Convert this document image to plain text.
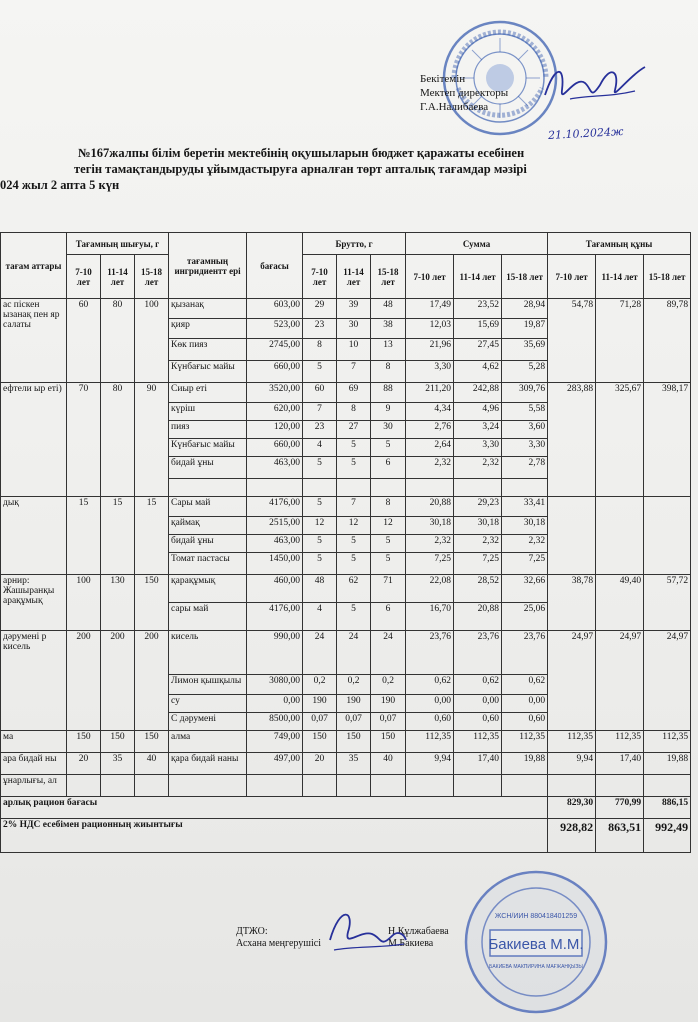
Бекітемін
Мектеп директоры
Г.А.Налибаева
21.10.2024ж
№167жалпы білім беретін мектебінің оқушыларын бюджет қаражаты есебінен
тегін тамақтандыруды ұйымдастыруға арналған төрт апталық тағамдар мәзірі
024 жыл 2 апта 5 күн
тағам аттары	Тағамның шығуы, г			тағамның ингридиентт ері	бағасы	Брутто, г			Сумма			Тағамның құны		
	7-10 лет	11-14 лет	15-18 лет			7-10 лет	11-14 лет	15-18 лет	7-10 лет	11-14 лет	15-18 лет	7-10 лет	11-14 лет	15-18 лет
ас піскен ызанақ пен яр салаты	60	80	100	қызанақ	603,00	29	39	48	17,49	23,52	28,94	54,78	71,28	89,78
				қияр	523,00	23	30	38	12,03	15,69	19,87			
				Көк пияз	2745,00	8	10	13	21,96	27,45	35,69			
				Күнбағыс майы	660,00	5	7	8	3,30	4,62	5,28			
ефтели ыр еті)	70	80	90	Сиыр еті	3520,00	60	69	88	211,20	242,88	309,76	283,88	325,67	398,17
				күріш	620,00	7	8	9	4,34	4,96	5,58			
				пияз	120,00	23	27	30	2,76	3,24	3,60			
				Күнбағыс майы	660,00	4	5	5	2,64	3,30	3,30			
				бидай ұны	463,00	5	5	6	2,32	2,32	2,78			

дық	15	15	15	Сары май	4176,00	5	7	8	20,88	29,23	33,41			
				қаймақ	2515,00	12	12	12	30,18	30,18	30,18			
				бидай ұны	463,00	5	5	5	2,32	2,32	2,32			
				Томат пастасы	1450,00	5	5	5	7,25	7,25	7,25			
арнир: Жашыранқы арақұмық	100	130	150	қарақұмық	460,00	48	62	71	22,08	28,52	32,66	38,78	49,40	57,72
				сары май	4176,00	4	5	6	16,70	20,88	25,06			
дәрумені р кисель	200	200	200	кисель	990,00	24	24	24	23,76	23,76	23,76	24,97	24,97	24,97
				Лимон қышқылы	3080,00	0,2	0,2	0,2	0,62	0,62	0,62			
				су	0,00	190	190	190	0,00	0,00	0,00			
				С дәрумені	8500,00	0,07	0,07	0,07	0,60	0,60	0,60			
ма	150	150	150	алма	749,00	150	150	150	112,35	112,35	112,35	112,35	112,35	112,35
ара бидай ны	20	35	40	қара бидай наны	497,00	20	35	40	9,94	17,40	19,88	9,94	17,40	19,88
ұнарлығы, ал														
арлық рацион бағасы												829,30	770,99	886,15
2% НДС есебімен рационның жиынтығы												928,82	863,51	992,49
ДТЖО:
Асхана меңгерушісі
Н.Құлжабаева
М.Бакиева	Бакиева М.М.
ЖСН/ИИН 880418401259
БАКИЕВА МАКПИРИНА МАҒЖАНҚЫЗЫ
